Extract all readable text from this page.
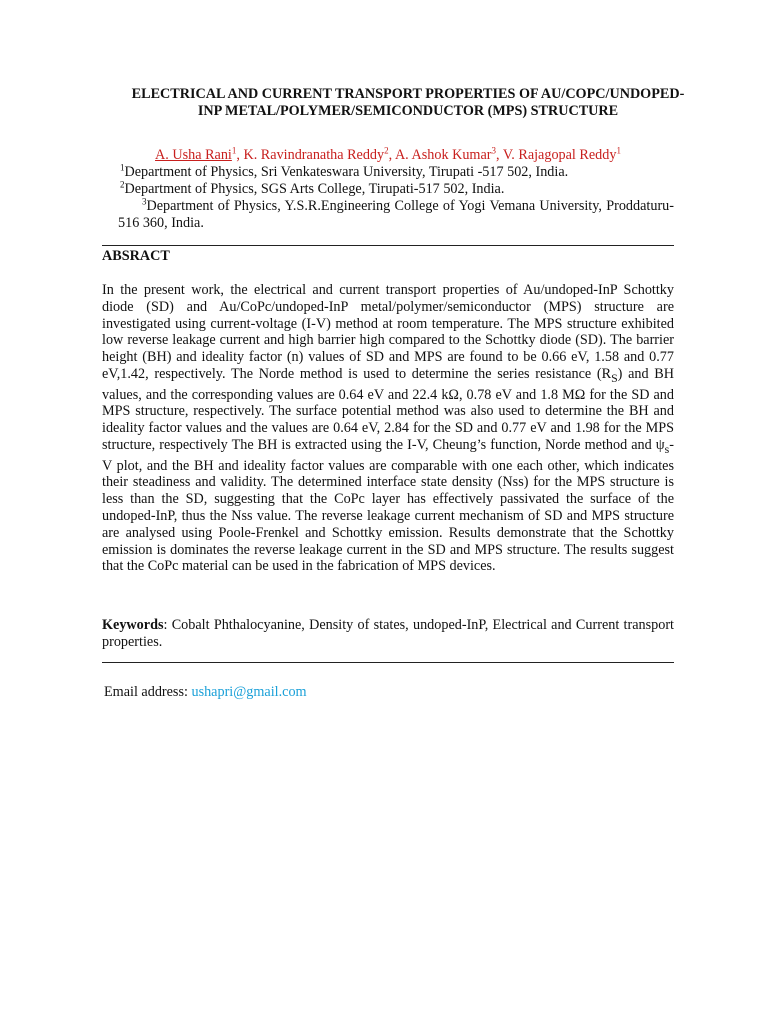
ELECTRICAL AND CURRENT TRANSPORT PROPERTIES OF AU/COPC/UNDOPED-INP METAL/POLYMER/SEMICONDUCTOR (MPS) STRUCTURE
A. Usha Rani$^1$, K. Ravindranatha Reddy$^2$, A. Ashok Kumar$^3$, V. Rajagopal Reddy$^1$
$^1$Department of Physics, Sri Venkateswara University, Tirupati -517 502, India.
$^2$Department of Physics, SGS Arts College, Tirupati-517 502, India.
$^3$Department of Physics, Y.S.R.Engineering College of Yogi Vemana University, Proddaturu-516 360, India.
ABSRACT
In the present work, the electrical and current transport properties of Au/undoped-InP Schottky diode (SD) and Au/CoPc/undoped-InP metal/polymer/semiconductor (MPS) structure are investigated using current-voltage (I-V) method at room temperature. The MPS structure exhibited low reverse leakage current and high barrier high compared to the Schottky diode (SD). The barrier height (BH) and ideality factor (n) values of SD and MPS are found to be 0.66 eV, 1.58 and 0.77 eV,1.42, respectively. The Norde method is used to determine the series resistance $(R_S)$ and BH values, and the corresponding values are 0.64 eV and 22.4 kΩ, 0.78 eV and 1.8 MΩ for the SD and MPS structure, respectively. The surface potential method was also used to determine the BH and ideality factor values and the values are 0.64 eV, 2.84 for the SD and 0.77 eV and 1.98 for the MPS structure, respectively The BH is extracted using the I-V, Cheung’s function, Norde method and $\psi_s-V$ plot, and the BH and ideality factor values are comparable with one each other, which indicates their steadiness and validity. The determined interface state density (Nss) for the MPS structure is less than the SD, suggesting that the CoPc layer has effectively passivated the surface of the undoped-InP, thus the Nss value. The reverse leakage current mechanism of SD and MPS structure are analysed using Poole-Frenkel and Schottky emission. Results demonstrate that the Schottky emission is dominates the reverse leakage current in the SD and MPS structure. The results suggest that the CoPc material can be used in the fabrication of MPS devices.
Keywords: Cobalt Phthalocyanine, Density of states, undoped-InP, Electrical and Current transport properties.
Email address: ushapri@gmail.com
